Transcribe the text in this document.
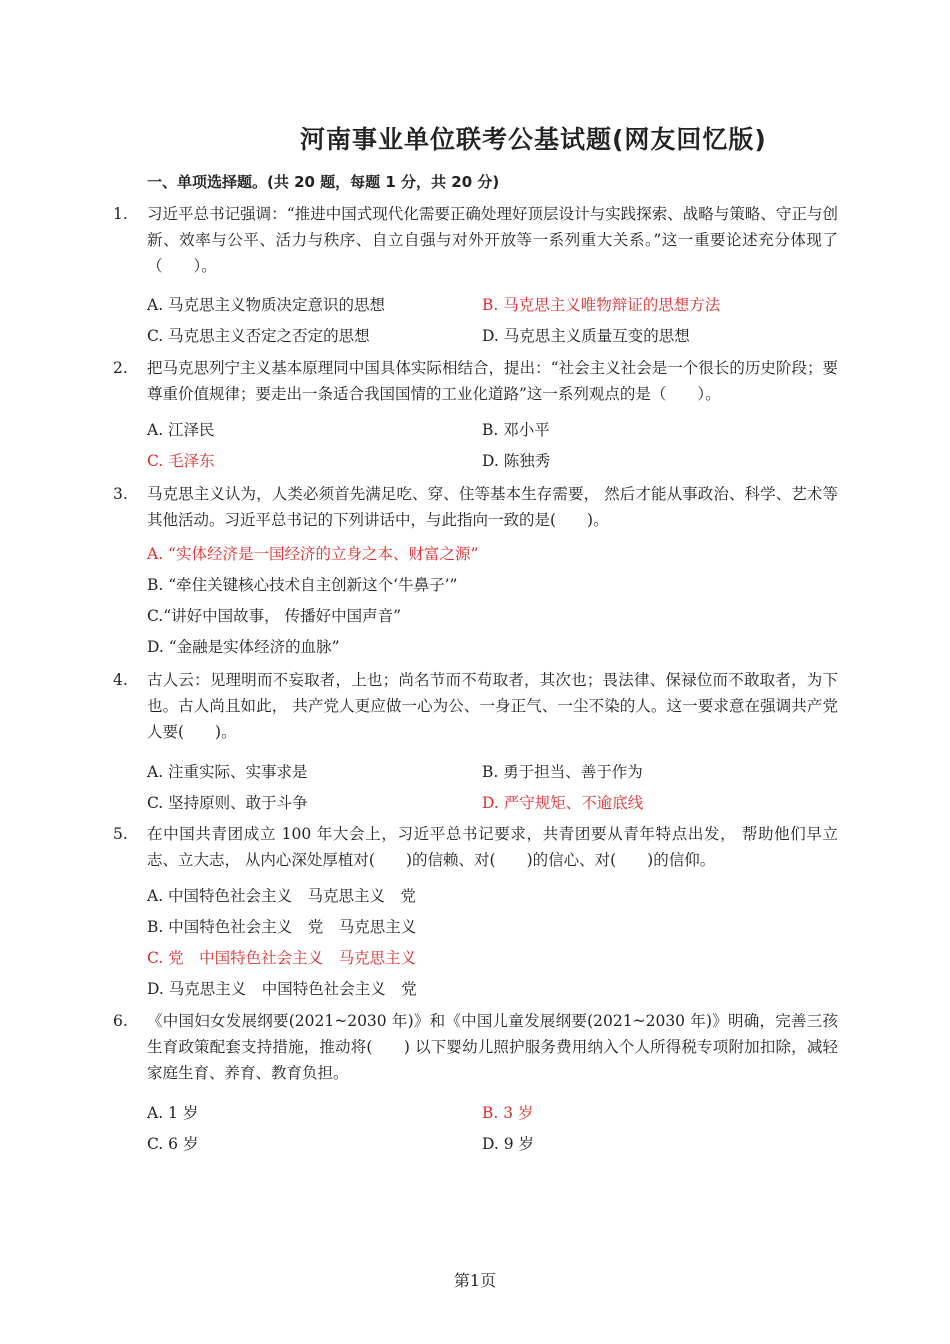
河南事业单位联考公基试题(网友回忆版)
一、单项选择题。(共 20 题，每题 1 分，共 20 分)
1. 习近平总书记强调：“推进中国式现代化需要正确处理好顶层设计与实践探索、战略与策略、守正与创新、效率与公平、活力与秩序、自立自强与对外开放等一系列重大关系。”这一重要论述充分体现了（　　）。
A. 马克思主义物质决定意识的思想	B. 马克思主义唯物辩证的思想方法
C. 马克思主义否定之否定的思想	D. 马克思主义质量互变的思想
2. 把马克思列宁主义基本原理同中国具体实际相结合，提出：“社会主义社会是一个很长的历史阶段；要尊重价值规律；要走出一条适合我国国情的工业化道路”这一系列观点的是（　　）。
A. 江泽民	B. 邓小平
C. 毛泽东	D. 陈独秀
3. 马克思主义认为，人类必须首先满足吃、穿、住等基本生存需要， 然后才能从事政治、科学、艺术等其他活动。习近平总书记的下列讲话中，与此指向一致的是(　　)。
A. “实体经济是一国经济的立身之本、财富之源”
B. “牵住关键核心技术自主创新这个‘牛鼻子’”
C.“讲好中国故事， 传播好中国声音”
D. “金融是实体经济的血脉”
4. 古人云：见理明而不妄取者，上也；尚名节而不苟取者，其次也；畏法律、保禄位而不敢取者，为下也。古人尚且如此， 共产党人更应做一心为公、一身正气、一尘不染的人。这一要求意在强调共产党人要(　　)。
A. 注重实际、实事求是	B. 勇于担当、善于作为
C. 坚持原则、敢于斗争	D. 严守规矩、不逾底线
5. 在中国共青团成立 100 年大会上，习近平总书记要求，共青团要从青年特点出发， 帮助他们早立志、立大志， 从内心深处厚植对(　　)的信赖、对(　　)的信心、对(　　)的信仰。
A. 中国特色社会主义　马克思主义　党
B. 中国特色社会主义　党　马克思主义
C. 党　中国特色社会主义　马克思主义
D. 马克思主义　中国特色社会主义　党
6. 《中国妇女发展纲要(2021~2030 年)》和《中国儿童发展纲要(2021~2030 年)》明确，完善三孩生育政策配套支持措施，推动将(　　) 以下婴幼儿照护服务费用纳入个人所得税专项附加扣除，减轻家庭生育、养育、教育负担。
A. 1 岁	B. 3 岁
C. 6 岁	D. 9 岁
第1页
